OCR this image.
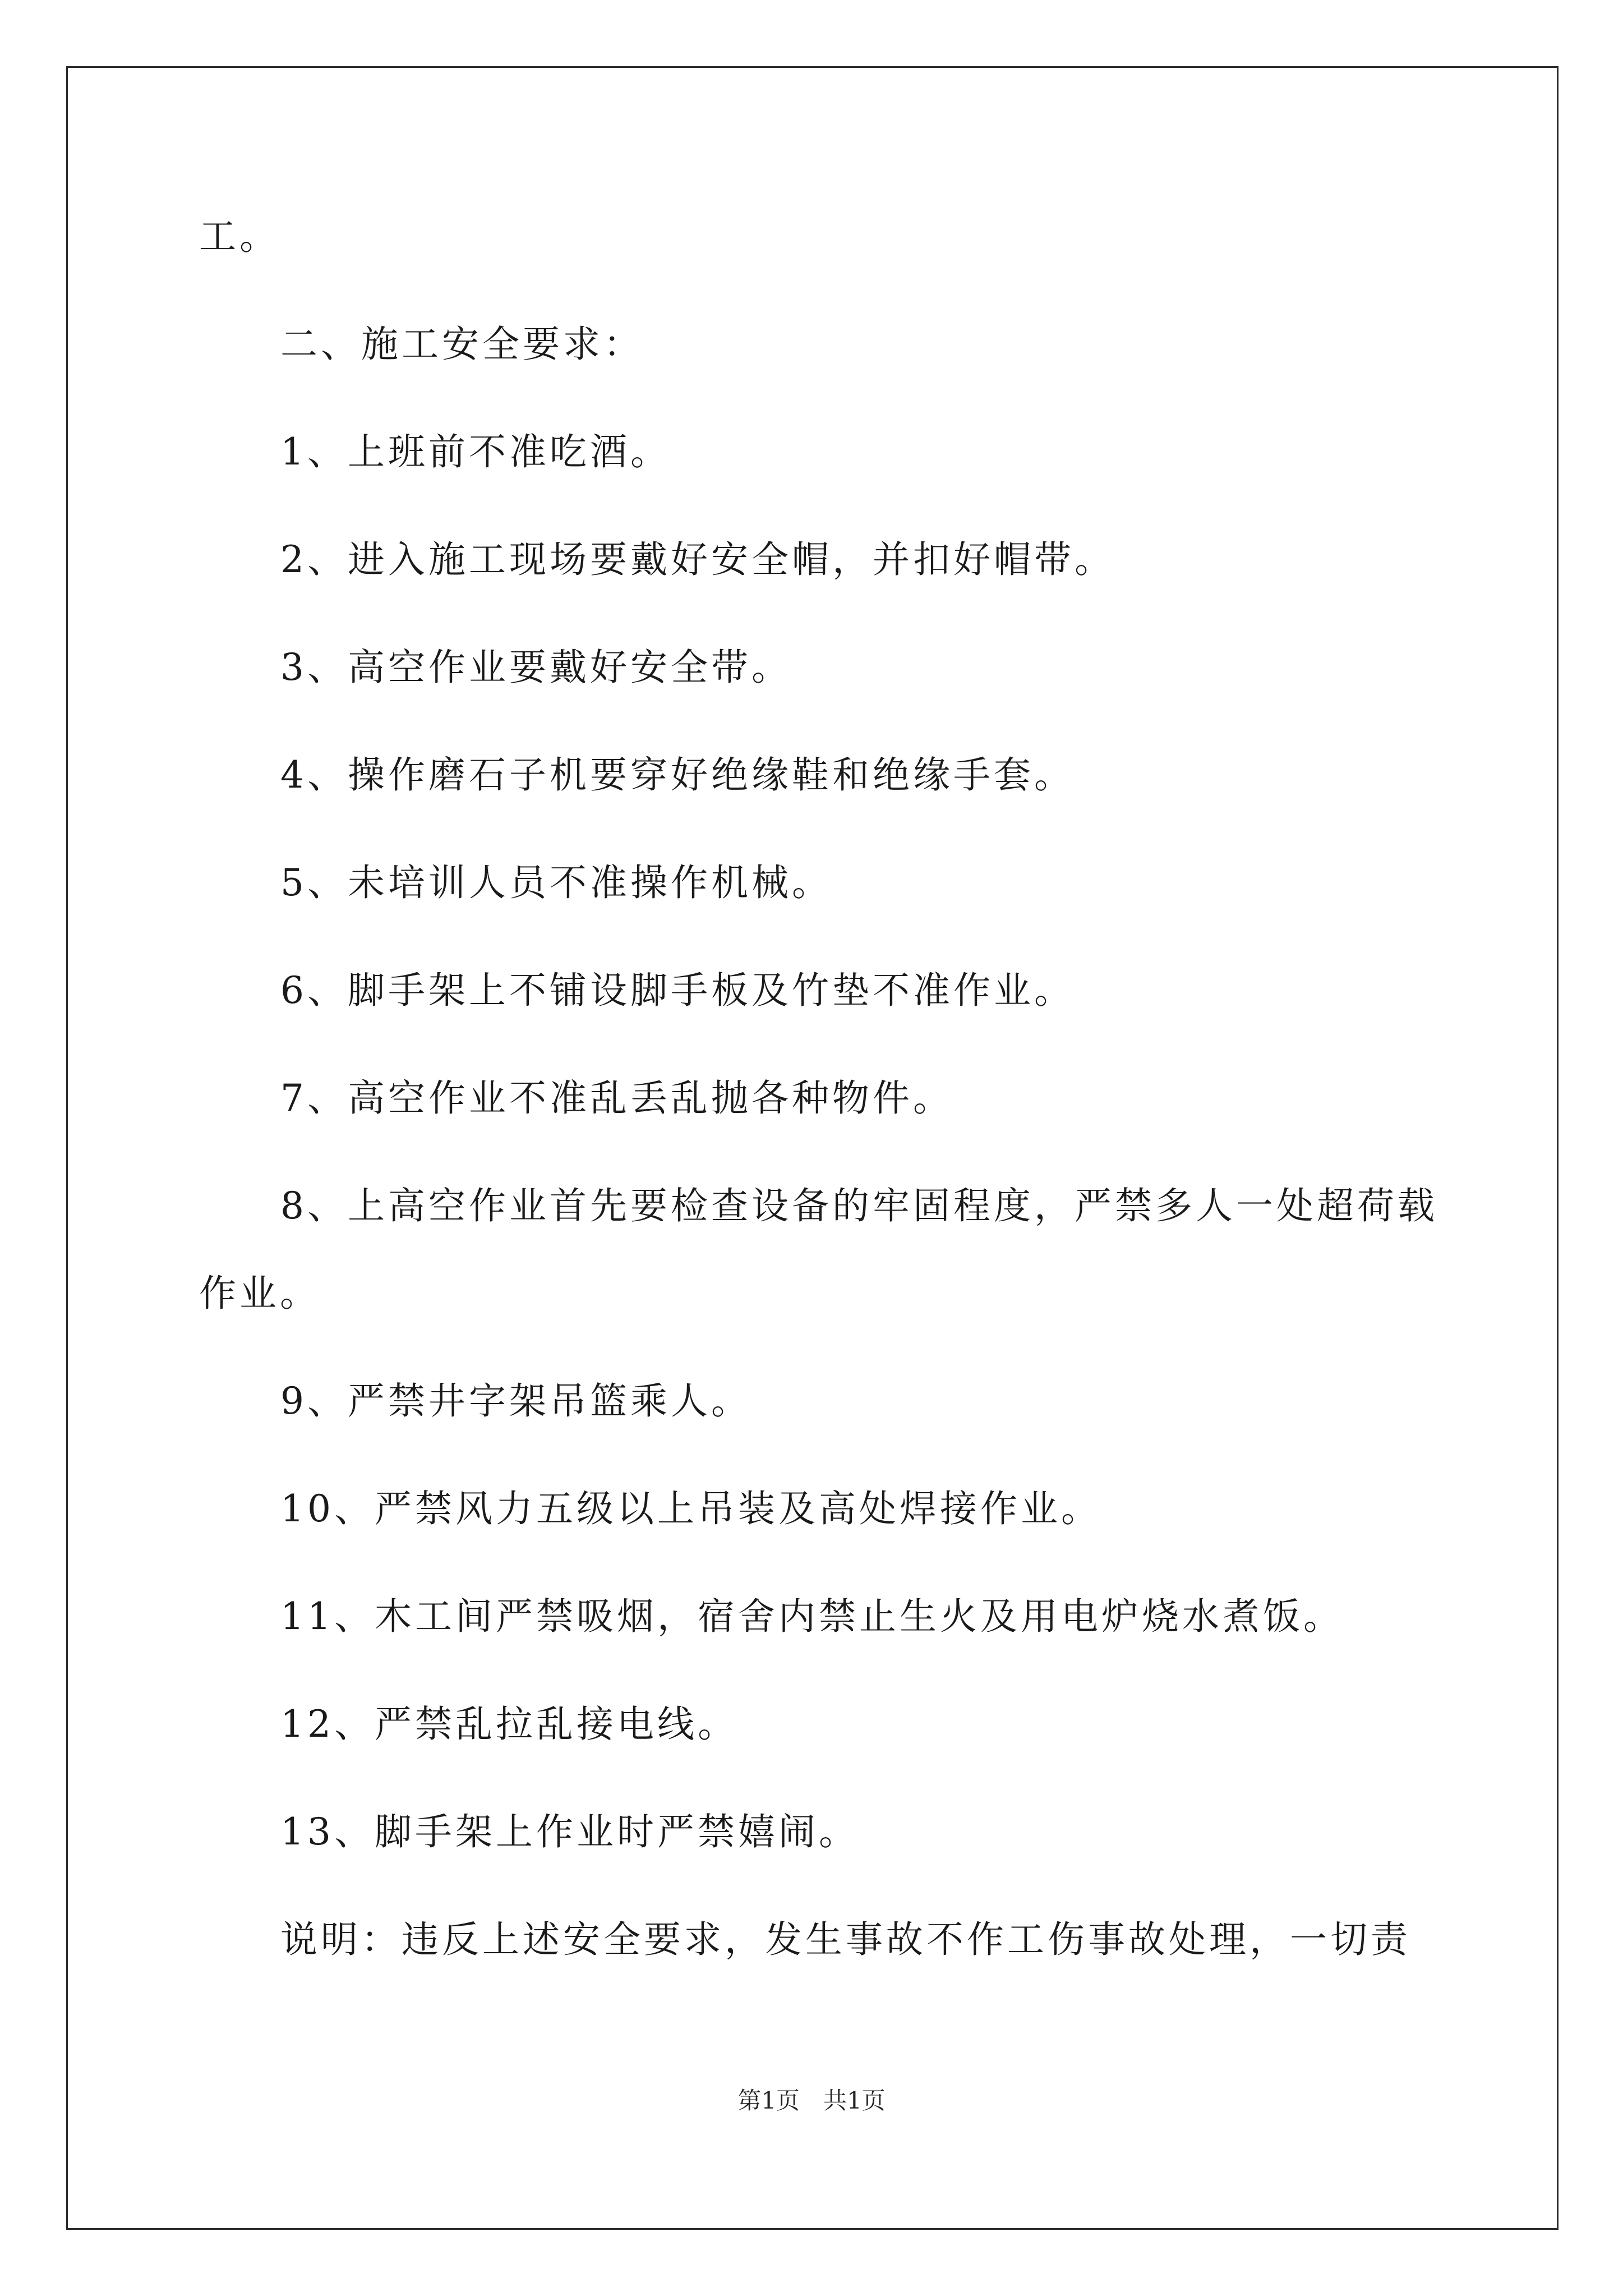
工。
二、施工安全要求：
1、上班前不准吃酒。
2、进入施工现场要戴好安全帽，并扣好帽带。
3、高空作业要戴好安全带。
4、操作磨石子机要穿好绝缘鞋和绝缘手套。
5、未培训人员不准操作机械。
6、脚手架上不铺设脚手板及竹垫不准作业。
7、高空作业不准乱丢乱抛各种物件。
8、上高空作业首先要检查设备的牢固程度，严禁多人一处超荷载
作业。
9、严禁井字架吊篮乘人。
10、严禁风力五级以上吊装及高处焊接作业。
11、木工间严禁吸烟，宿舍内禁止生火及用电炉烧水煮饭。
12、严禁乱拉乱接电线。
13、脚手架上作业时严禁嬉闹。
说明：违反上述安全要求，发生事故不作工伤事故处理，一切责
第1页　共1页
